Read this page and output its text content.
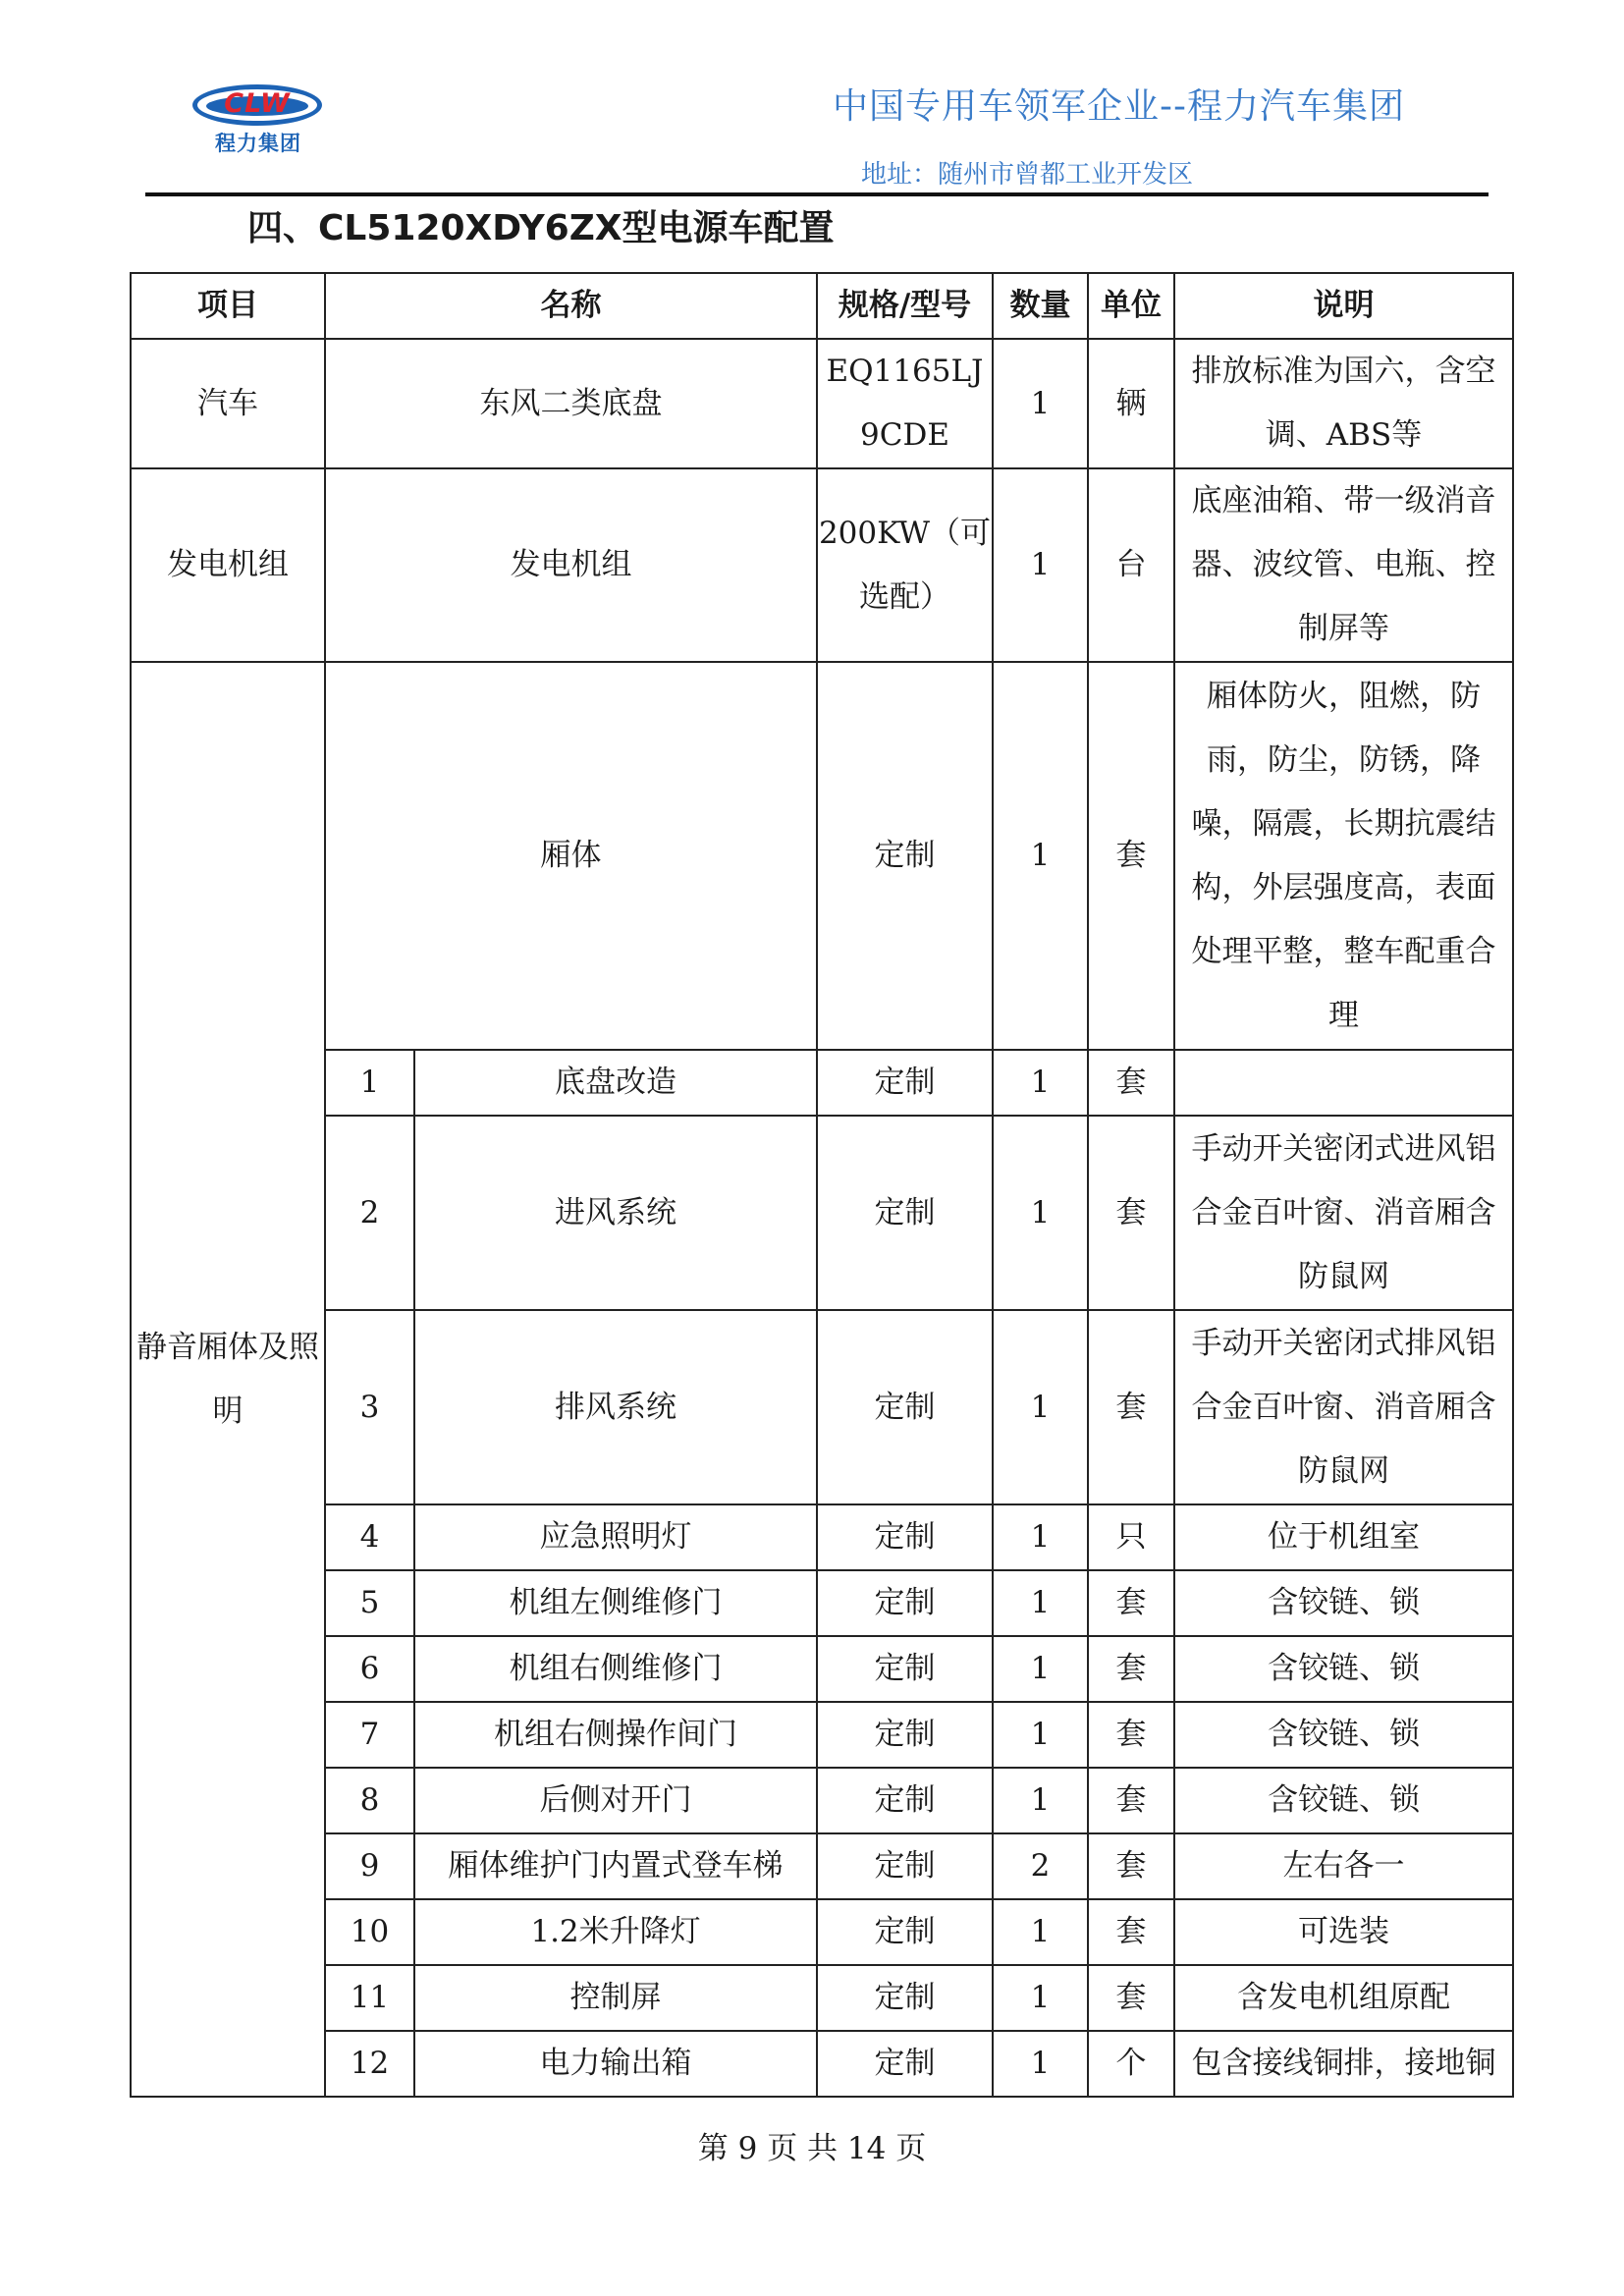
CLW
程力集团
中国专用车领军企业--程力汽车集团
地址：随州市曾都工业开发区
四、CL5120XDY6ZX型电源车配置
项目	名称		规格/型号	数量	单位	说明
汽车	东风二类底盘		EQ1165LJ9CDE	1	辆	排放标准为国六，含空调、ABS等
发电机组	发电机组		200KW（可选配）	1	台	底座油箱、带一级消音器、波纹管、电瓶、控制屏等
静音厢体及照明	厢体		定制	1	套	厢体防火，阻燃，防雨，防尘，防锈，降噪，隔震，长期抗震结构，外层强度高，表面处理平整，整车配重合理
	1	底盘改造	定制	1	套	
	2	进风系统	定制	1	套	手动开关密闭式进风铝合金百叶窗、消音厢含防鼠网
	3	排风系统	定制	1	套	手动开关密闭式排风铝合金百叶窗、消音厢含防鼠网
	4	应急照明灯	定制	1	只	位于机组室
	5	机组左侧维修门	定制	1	套	含铰链、锁
	6	机组右侧维修门	定制	1	套	含铰链、锁
	7	机组右侧操作间门	定制	1	套	含铰链、锁
	8	后侧对开门	定制	1	套	含铰链、锁
	9	厢体维护门内置式登车梯	定制	2	套	左右各一
	10	1.2米升降灯	定制	1	套	可选装
	11	控制屏	定制	1	套	含发电机组原配
	12	电力输出箱	定制	1	个	包含接线铜排，接地铜
第 9 页 共 14 页
